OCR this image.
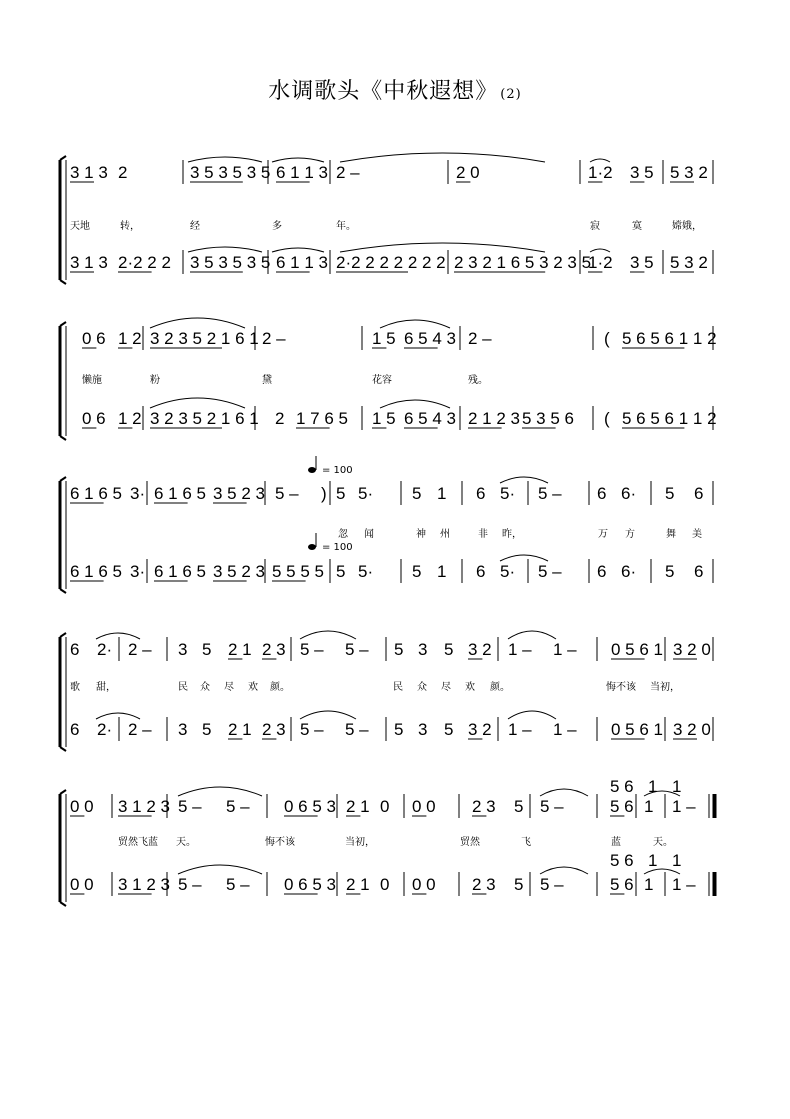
水调歌头《中秋遐想》 (2)
3 1 3 2	3 5 3 5 3 5 6 1 1 3 2 –	2 0	1·2 3 5 5 3 2
天地	转，	经	多	年。	寂	寞	嫦娥，
3 1 3 2·2 2 2 3 5 3 5 3 5 6 1 1 3 2·2 2 2 2 2 2 2 2 3 2 1 6 5 3 2 3 5
1·2 3 5 5 3 2
0 6 1 2 3 2 3 5 2 1 6 1 2 –	1 5 6 5 4 3 2 –	( 5 6 5 6 1 1 2
懒施	粉	黛	花容	残。
0 6 1 2 3 2 3 5 2 1 6 1 2 1 7 6 5 1 5 6 5 4 3 2 1 2 3 5 3 5 6 ( 5 6 5 6 1 1 2
6 1 6 5 3· 6 1 6 5 3 5 2 3 5 – ) 5 5· 5 1 6 5· 5 – 6 6· 5 6
忽 闻	神 州	非 昨，	万 方	舞 美
6 1 6 5 3· 6 1 6 5 3 5 2 3 5 5 5 5 5 5· 5 1 6 5· 5 – 6 6· 5 6
6 2· 2 – 3 5 2 1 2 3 5 – 5 – 5 3 5 3 2 1 – 1 – 0 5 6 1 3 2 0
歌 甜，	民 众 尽 欢 颜。	民 众 尽 欢 颜。	悔不该 当初，
6 2· 2 – 3 5 2 1 2 3 5 – 5 – 5 3 5 3 2 1 – 1 – 0 5 6 1 3 2 0
0 0 3 1 2 3 5 – 5 – 0 6 5 3 2 1 0 0 0 2 3 5 5 –	5 6 1 1 –
贸然飞蓝 天。	悔不该	当初，	贸然	飞	蓝	天。
0 0 3 1 2 3 5 – 5 – 0 6 5 3 2 1 0 0 0 2 3 5 5 –	5 6 1 1 –
5 6
5 6
1
1
1
1
= 100
= 100
